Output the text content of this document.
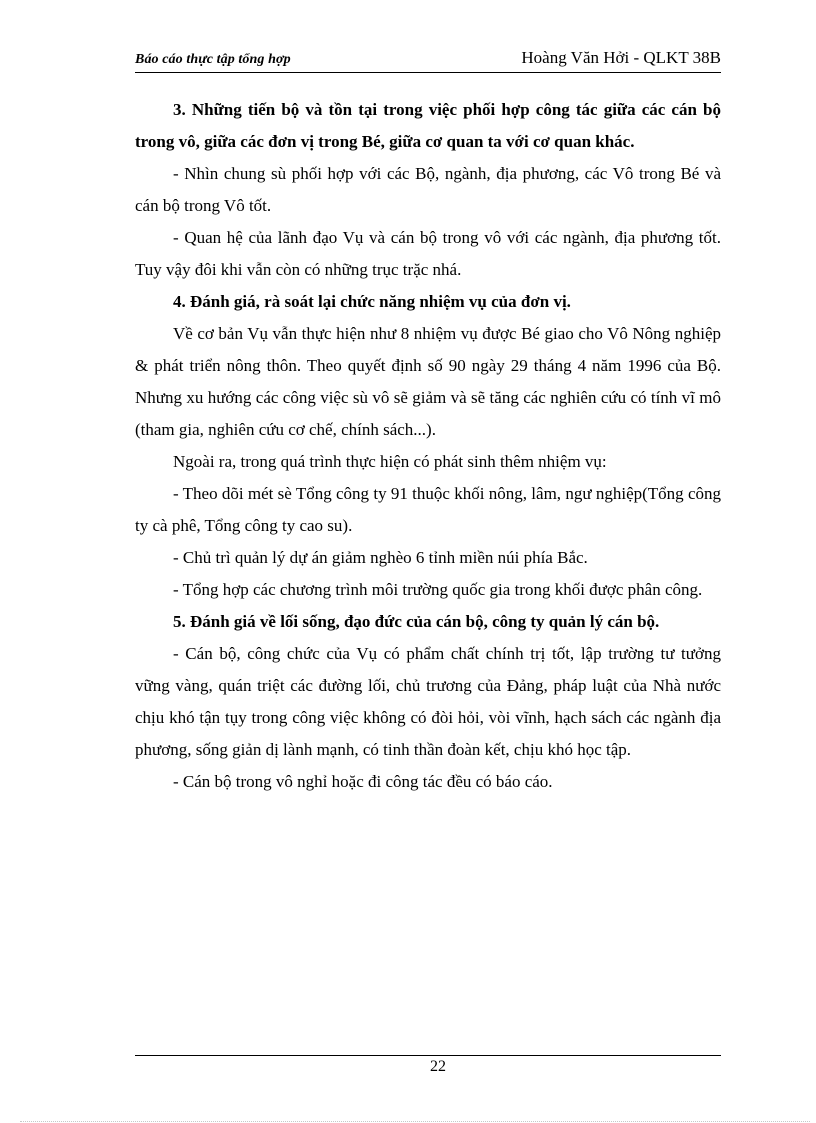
Báo cáo thực tập tổng hợp	Hoàng Văn Hởi - QLKT 38B

3. Những tiến bộ và tồn tại trong việc phối hợp công tác giữa các cán bộ trong vô, giữa các đơn vị trong Bé, giữa cơ quan ta với cơ quan khác.

- Nhìn chung sù phối hợp với các Bộ, ngành, địa phương, các Vô trong Bé và cán bộ trong Vô tốt.

- Quan hệ của lãnh đạo Vụ và cán bộ trong vô với các ngành, địa phương tốt. Tuy vậy đôi khi vẫn còn có những trục trặc nhá.

4. Đánh giá, rà soát lại chức năng nhiệm vụ của đơn vị.

Về cơ bản Vụ vẫn thực hiện như 8 nhiệm vụ được Bé giao cho Vô Nông nghiệp & phát triển nông thôn. Theo quyết định số 90 ngày 29 tháng 4 năm 1996 của Bộ. Nhưng xu hướng các công việc sù vô sẽ giảm và sẽ tăng các nghiên cứu có tính vĩ mô (tham gia, nghiên cứu cơ chế, chính sách...).

Ngoài ra, trong quá trình thực hiện có phát sinh thêm nhiệm vụ:

- Theo dõi mét sè Tổng công ty 91 thuộc khối nông, lâm, ngư nghiệp(Tổng công ty cà phê, Tổng công ty cao su).

- Chủ trì quản lý dự án giảm nghèo 6 tỉnh miền núi phía Bắc.

- Tổng hợp các chương trình môi trường quốc gia trong khối được phân công.

5. Đánh giá về lối sống, đạo đức của cán bộ, công ty quản lý cán bộ.

- Cán bộ, công chức của Vụ có phẩm chất chính trị tốt, lập trường tư tưởng vững vàng, quán triệt các đường lối, chủ trương của Đảng, pháp luật của Nhà nước chịu khó tận tụy trong công việc không có đòi hỏi, vòi vĩnh, hạch sách các ngành địa phương, sống giản dị lành mạnh, có tinh thần đoàn kết, chịu khó học tập.

- Cán bộ trong vô nghỉ hoặc đi công tác đều có báo cáo.

22
